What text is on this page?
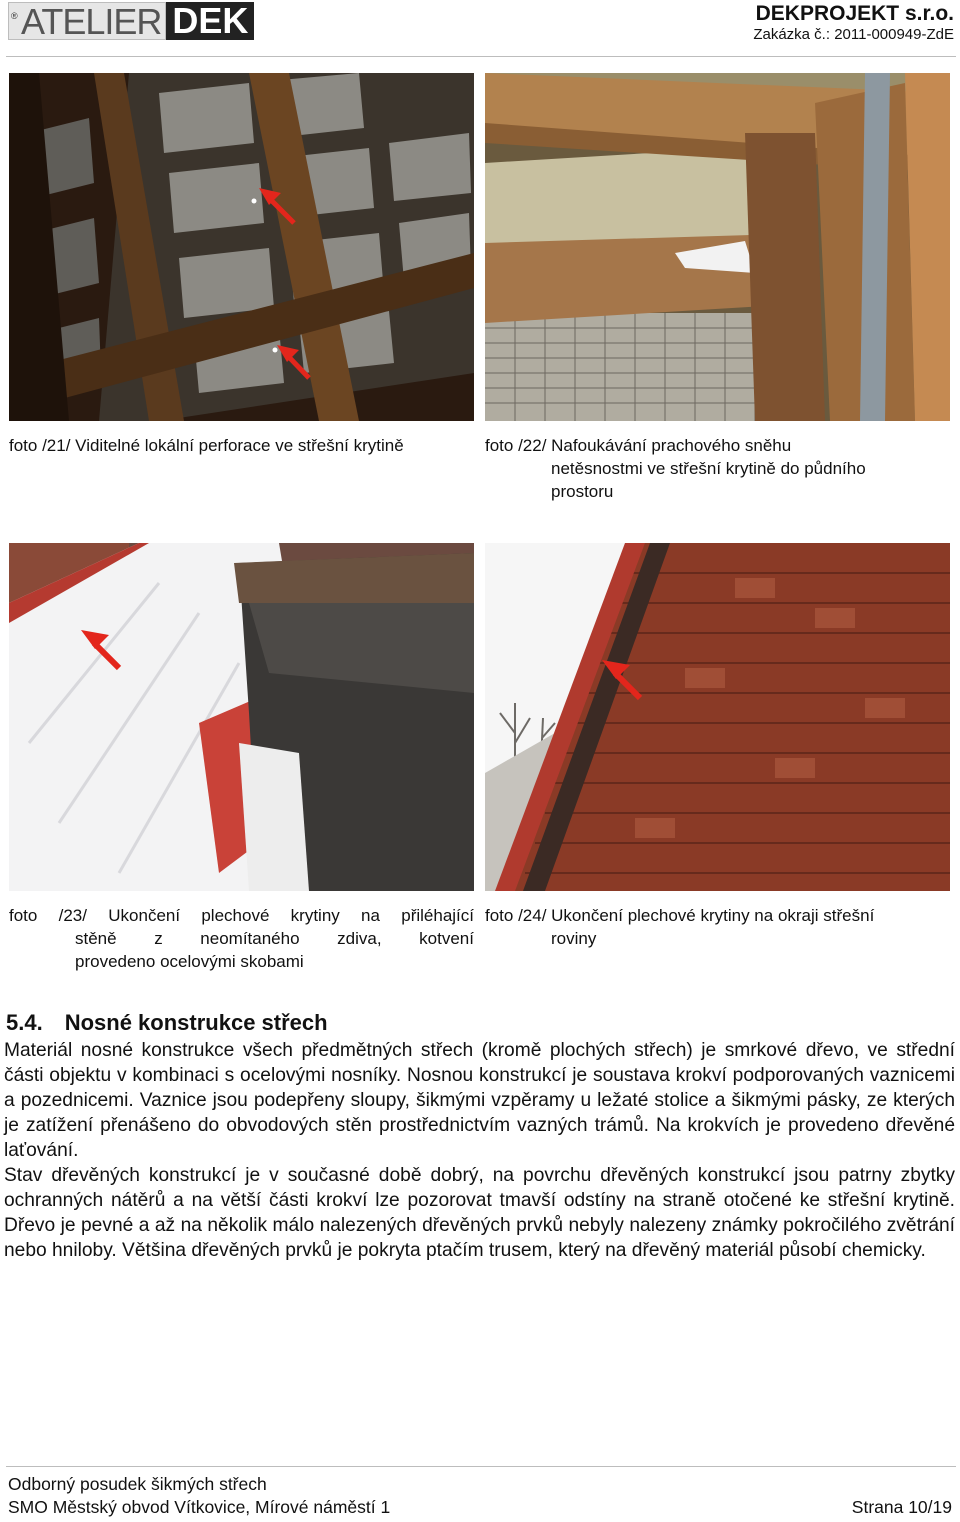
® ATELIER DEK	DEKPROJEKT s.r.o.
Zakázka č.: 2011-000949-ZdE
foto /21/ Viditelné lokální perforace ve střešní krytině	foto /22/ Nafoukávání prachového sněhu
netěsnostmi ve střešní krytině do půdního
prostoru
foto /23/ Ukončení plechové krytiny na přiléhající
stěně z neomítaného zdiva, kotvení
provedeno ocelovými skobami
foto /24/ Ukončení plechové krytiny na okraji střešní
roviny
5.4. Nosné konstrukce střech

Materiál nosné konstrukce všech předmětných střech (kromě plochých střech) je smrkové dřevo, ve střední části objektu v kombinaci s ocelovými nosníky. Nosnou konstrukcí je soustava krokví podporovaných vaznicemi a pozednicemi. Vaznice jsou podepřeny sloupy, šikmými vzpěramy u ležaté stolice a šikmými pásky, ze kterých je zatížení přenášeno do obvodových stěn prostřednictvím vazných trámů. Na krokvích je provedeno dřevěné laťování.

Stav dřevěných konstrukcí je v současné době dobrý, na povrchu dřevěných konstrukcí jsou patrny zbytky ochranných nátěrů a na větší části krokví lze pozorovat tmavší odstíny na straně otočené ke střešní krytině. Dřevo je pevné a až na několik málo nalezených dřevěných prvků nebyly nalezeny známky pokročilého zvětrání nebo hniloby. Většina dřevěných prvků je pokryta ptačím trusem, který na dřevěný materiál působí chemicky.

Odborný posudek šikmých střech
SMO Městský obvod Vítkovice, Mírové náměstí 1	Strana 10/19
